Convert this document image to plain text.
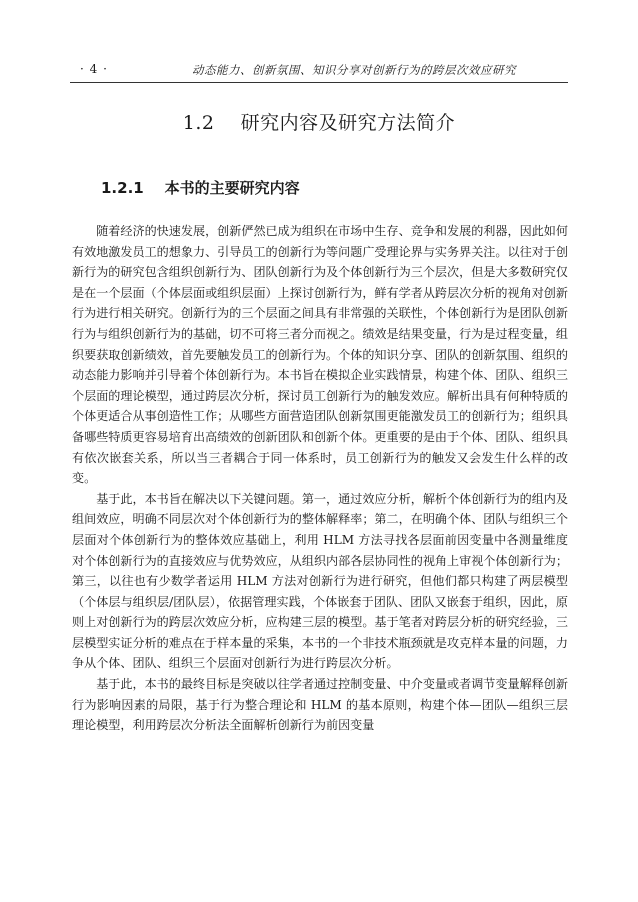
· 4 ·	动态能力、创新氛围、知识分享对创新行为的跨层次效应研究
1.2    研究内容及研究方法简介
1.2.1    本书的主要研究内容

随着经济的快速发展，创新俨然已成为组织在市场中生存、竞争和发展的利器，因此如何有效地激发员工的想象力、引导员工的创新行为等问题广受理论界与实务界关注。以往对于创新行为的研究包含组织创新行为、团队创新行为及个体创新行为三个层次，但是大多数研究仅是在一个层面（个体层面或组织层面）上探讨创新行为，鲜有学者从跨层次分析的视角对创新行为进行相关研究。创新行为的三个层面之间具有非常强的关联性，个体创新行为是团队创新行为与组织创新行为的基础，切不可将三者分而视之。绩效是结果变量，行为是过程变量，组织要获取创新绩效，首先要触发员工的创新行为。个体的知识分享、团队的创新氛围、组织的动态能力影响并引导着个体创新行为。本书旨在模拟企业实践情景，构建个体、团队、组织三个层面的理论模型，通过跨层次分析，探讨员工创新行为的触发效应。解析出具有何种特质的个体更适合从事创造性工作；从哪些方面营造团队创新氛围更能激发员工的创新行为；组织具备哪些特质更容易培育出高绩效的创新团队和创新个体。更重要的是由于个体、团队、组织具有依次嵌套关系，所以当三者耦合于同一体系时，员工创新行为的触发又会发生什么样的改变。

基于此，本书旨在解决以下关键问题。第一，通过效应分析，解析个体创新行为的组内及组间效应，明确不同层次对个体创新行为的整体解释率；第二，在明确个体、团队与组织三个层面对个体创新行为的整体效应基础上，利用 HLM 方法寻找各层面前因变量中各测量维度对个体创新行为的直接效应与优势效应，从组织内部各层协同性的视角上审视个体创新行为；第三，以往也有少数学者运用 HLM 方法对创新行为进行研究，但他们都只构建了两层模型（个体层与组织层/团队层），依据管理实践，个体嵌套于团队、团队又嵌套于组织，因此，原则上对创新行为的跨层次效应分析，应构建三层的模型。基于笔者对跨层分析的研究经验，三层模型实证分析的难点在于样本量的采集，本书的一个非技术瓶颈就是攻克样本量的问题，力争从个体、团队、组织三个层面对创新行为进行跨层次分析。

基于此，本书的最终目标是突破以往学者通过控制变量、中介变量或者调节变量解释创新行为影响因素的局限，基于行为整合理论和 HLM 的基本原则，构建个体—团队—组织三层理论模型，利用跨层次分析法全面解析创新行为前因变量
